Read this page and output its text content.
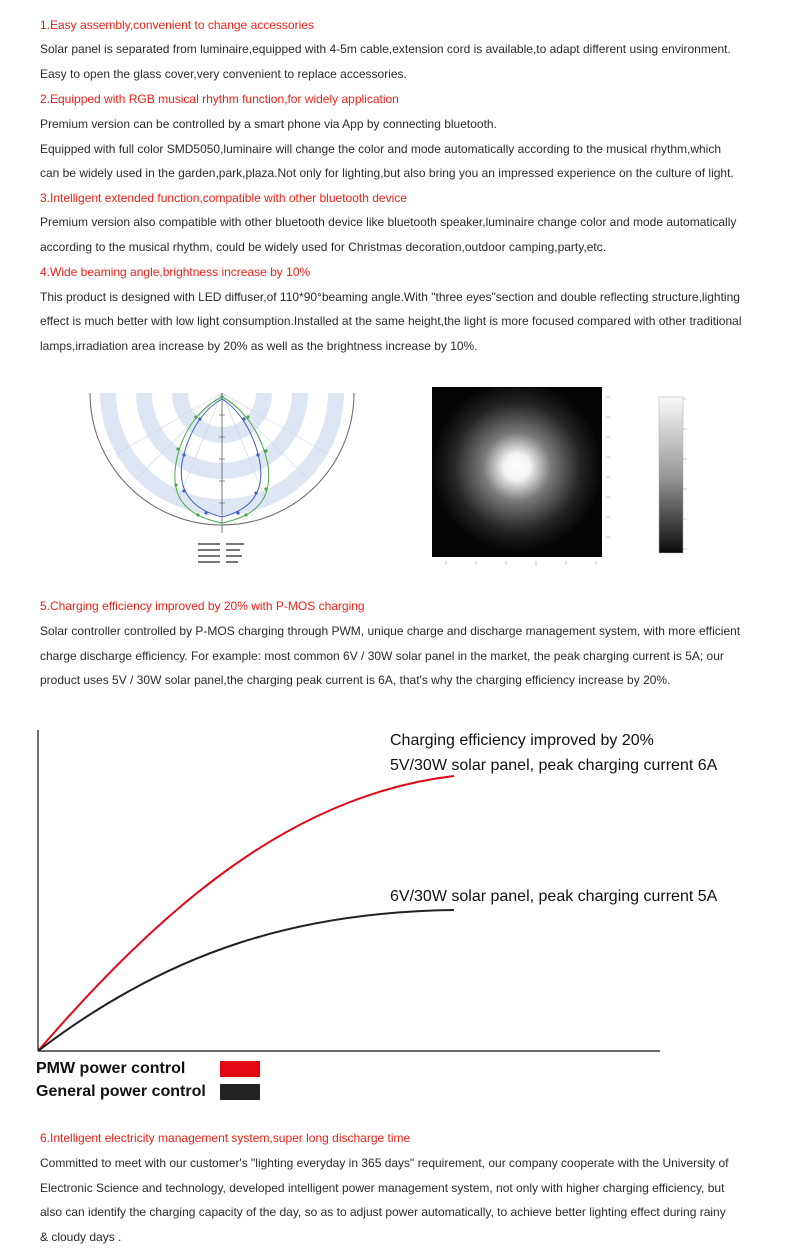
1.Easy assembly,convenient to change accessories
Solar panel is separated from luminaire,equipped with 4-5m cable,extension cord is available,to adapt different using environment.
Easy to open the glass cover,very convenient to replace accessories.
2.Equipped with RGB musical rhythm function,for widely application
Premium version can be controlled by a smart phone via App by connecting bluetooth.
Equipped with full color SMD5050,luminaire will change the color and mode automatically according to the musical rhythm,which
can be widely used in the garden,park,plaza.Not only for lighting,but also bring you an impressed experience on the culture of light.
3.Intelligent extended function,compatible with other bluetooth device
Premium version also compatible with other bluetooth device like bluetooth speaker,luminaire change color and mode automatically
according to the musical rhythm, could be widely used for Christmas decoration,outdoor camping,party,etc.
4.Wide beaming angle,brightness increase by 10%
This product is designed with LED diffuser,of 110*90°beaming angle.With "three eyes"section and double reflecting structure,lighting
effect is much better with low light consumption.Installed at the same height,the light is more focused compared with other traditional
lamps,irradiation area increase by 20% as well as the brightness increase by 10%.
5.Charging efficiency improved by 20% with P-MOS charging
Solar controller controlled by P-MOS charging through PWM, unique charge and discharge management system, with more efficient
charge discharge efficiency. For example: most common 6V / 30W solar panel in the market, the peak charging current is 5A; our
product uses 5V / 30W solar panel,the charging peak current is 6A, that's why the charging efficiency increase by 20%.
Charging efficiency improved by 20%
5V/30W solar panel, peak charging current 6A
6V/30W solar panel, peak charging current 5A
PMW power control
General power control
6.Intelligent electricity management system,super long discharge time
Committed to meet with our customer's "lighting everyday in 365 days" requirement, our company cooperate with the University of
Electronic Science and technology, developed intelligent power management system, not only with higher charging efficiency, but
also can identify the charging capacity of the day, so as to adjust power automatically, to achieve better lighting effect during rainy
& cloudy days .
